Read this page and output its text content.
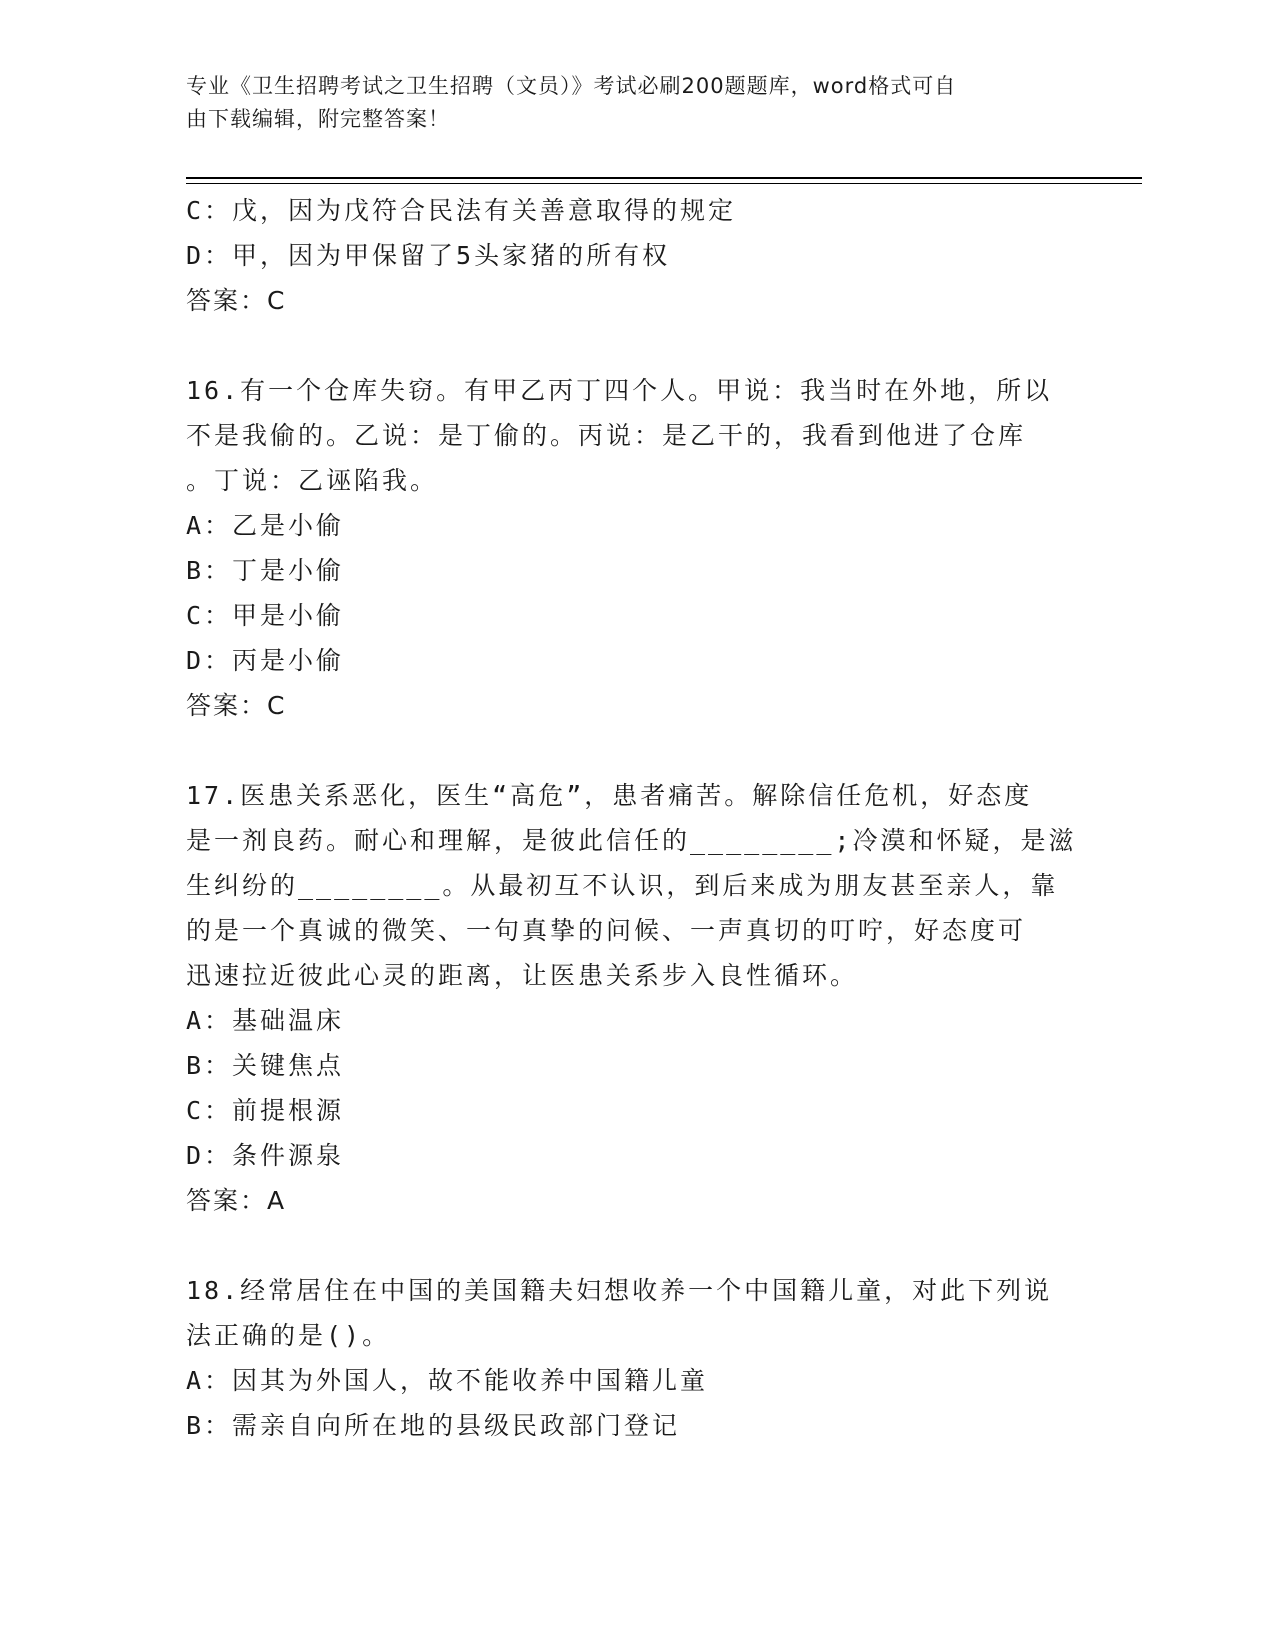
专业《卫生招聘考试之卫生招聘（文员）》考试必刷200题题库，word格式可自
由下载编辑，附完整答案！
C：戊，因为戊符合民法有关善意取得的规定
D：甲，因为甲保留了5头家猪的所有权
答案：C
16.有一个仓库失窃。有甲乙丙丁四个人。甲说：我当时在外地，所以
不是我偷的。乙说：是丁偷的。丙说：是乙干的，我看到他进了仓库
。丁说：乙诬陷我。
A：乙是小偷
B：丁是小偷
C：甲是小偷
D：丙是小偷
答案：C
17.医患关系恶化，医生“高危”，患者痛苦。解除信任危机，好态度
是一剂良药。耐心和理解，是彼此信任的________;冷漠和怀疑，是滋
生纠纷的________。从最初互不认识，到后来成为朋友甚至亲人，靠
的是一个真诚的微笑、一句真挚的问候、一声真切的叮咛，好态度可
迅速拉近彼此心灵的距离，让医患关系步入良性循环。
A：基础温床
B：关键焦点
C：前提根源
D：条件源泉
答案：A
18.经常居住在中国的美国籍夫妇想收养一个中国籍儿童，对此下列说
法正确的是()。
A：因其为外国人，故不能收养中国籍儿童
B：需亲自向所在地的县级民政部门登记
